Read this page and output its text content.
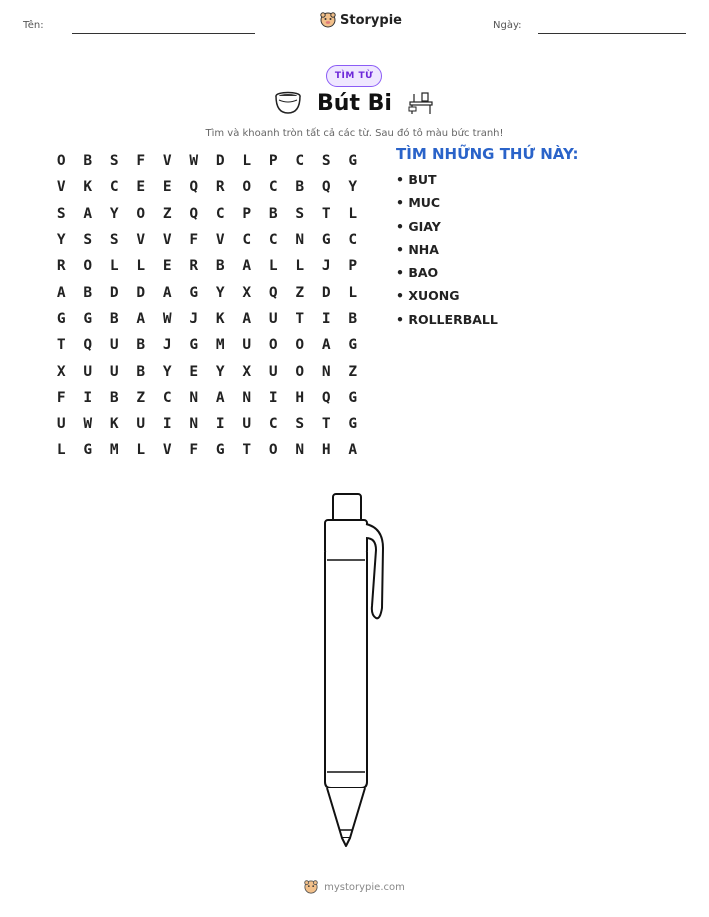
Tên:	Storypie	Ngày:
TÌM TỪ
Bút Bi
Tìm và khoanh tròn tất cả các từ. Sau đó tô màu bức tranh!
O	B	S	F	V	W	D	L	P	C	S	G
V	K	C	E	E	Q	R	O	C	B	Q	Y
S	A	Y	O	Z	Q	C	P	B	S	T	L
Y	S	S	V	V	F	V	C	C	N	G	C
R	O	L	L	E	R	B	A	L	L	J	P
A	B	D	D	A	G	Y	X	Q	Z	D	L
G	G	B	A	W	J	K	A	U	T	I	B
T	Q	U	B	J	G	M	U	O	O	A	G
X	U	U	B	Y	E	Y	X	U	O	N	Z
F	I	B	Z	C	N	A	N	I	H	Q	G
U	W	K	U	I	N	I	U	C	S	T	G
L	G	M	L	V	F	G	T	O	N	H	A
TÌM NHỮNG THỨ NÀY:
• BUT
• MUC
• GIAY
• NHA
• BAO
• XUONG
• ROLLERBALL
mystorypie.com
